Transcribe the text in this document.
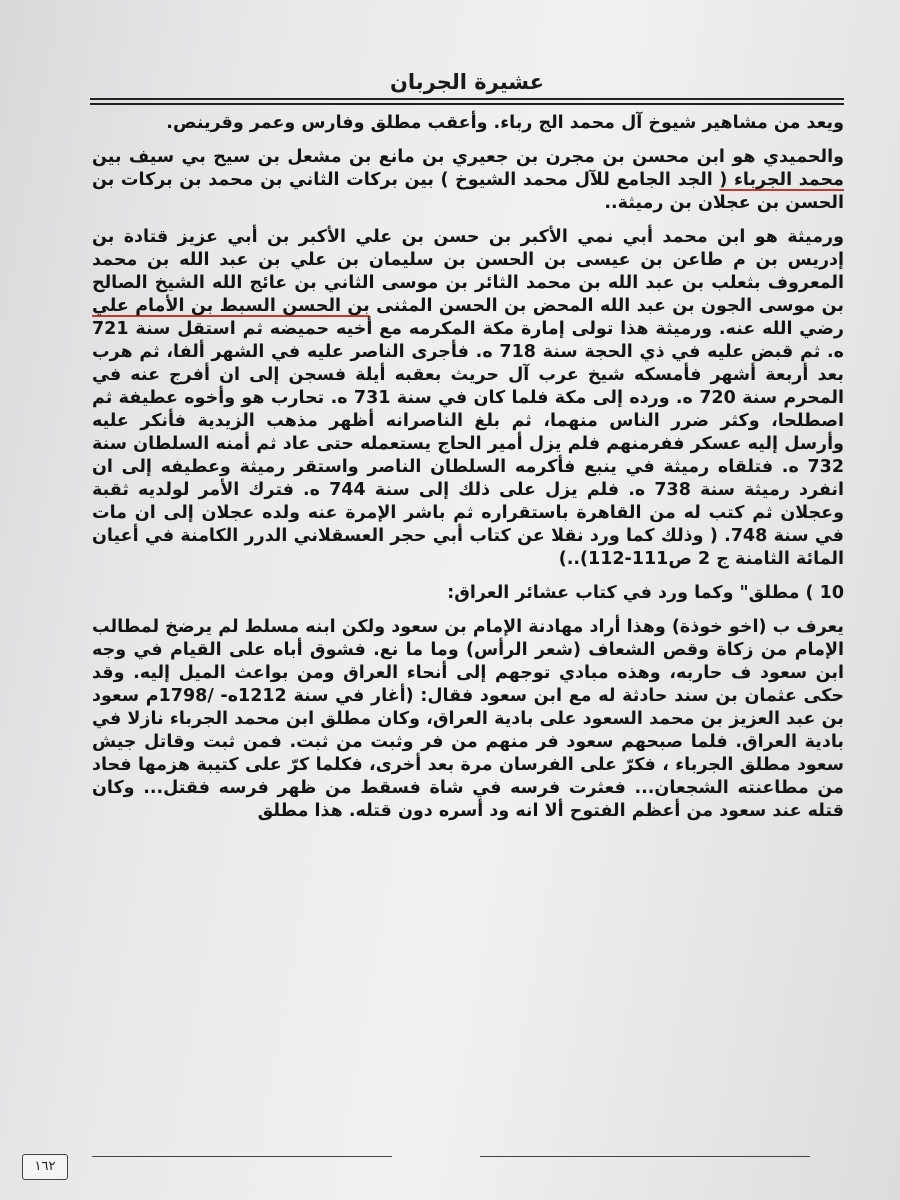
عشيرة الجربان

ويعد من مشاهير شيوخ آل محمد الج رباء. وأعقب مطلق وفارس وعمر وقرينص.

والحميدي هو ابن محسن بن مجرن بن جعيري بن مانع بن مشعل بن سيح بي سيف بين محمد الجرباء ( الجد الجامع للآل محمد الشيوخ ) بين بركات الثاني بن محمد بن بركات بن الحسن بن عجلان بن رميثة..

ورميثة هو ابن محمد أبي نمي الأكبر بن حسن بن علي الأكبر بن أبي عزيز قتادة بن إدريس بن م طاعن بن عيسى بن الحسن بن سليمان بن علي بن عبد الله بن محمد المعروف بثعلب بن عبد الله بن محمد الثائر بن موسى الثاني بن عائج الله الشيخ الصالح بن موسى الجون بن عبد الله المحض بن الحسن المثنى بن الحسن السبط بن الأمام علي رضي الله عنه. ورميثة هذا تولى إمارة مكة المكرمه مع أخيه حميضه ثم استقل سنة 721 ه. ثم قبض عليه في ذي الحجة سنة 718 ه. فأجرى الناصر عليه في الشهر ألفا، ثم هرب بعد أربعة أشهر فأمسكه شيخ عرب آل حريث بعقبه أيلة فسجن إلى ان أفرج عنه في المحرم سنة 720 ه. ورده إلى مكة فلما كان في سنة 731 ه. تحارب هو وأخوه عطيفة ثم اصطلحا، وكثر ضرر الناس منهما، ثم بلغ الناصرانه أظهر مذهب الزيدية فأنكر عليه وأرسل إليه عسكر ففرمنهم فلم يزل أمير الحاج يستعمله حتى عاد ثم أمنه السلطان سنة 732 ه. فتلقاه رميثة في ينبع فأكرمه السلطان الناصر واستقر رميثة وعطيفه إلى ان انفرد رميثة سنة 738 ه. فلم يزل على ذلك إلى سنة 744 ه. فترك الأمر لولديه ثقبة وعجلان ثم كتب له من القاهرة باستقراره ثم باشر الإمرة عنه ولده عجلان إلى ان مات في سنة 748. ( وذلك كما ورد نقلا عن كتاب أبي حجر العسقلاني الدرر الكامنة في أعيان المائة الثامنة ج 2 ص111-112)..)

10 ) مطلق" وكما ورد في كتاب عشائر العراق:

يعرف ب (اخو خوذة) وهذا أراد مهادنة الإمام بن سعود ولكن ابنه مسلط لم يرضخ لمطالب الإمام من زكاة وقص الشعاف (شعر الرأس) وما ما نع. فشوق أباه على القيام في وجه ابن سعود ف حاربه، وهذه مبادي توجهم إلى أنحاء العراق ومن بواعث الميل إليه. وقد حكى عثمان بن سند حادثة له مع ابن سعود فقال: (أغار في سنة 1212ه- /1798م سعود بن عبد العزيز بن محمد السعود على بادية العراق، وكان مطلق ابن محمد الجرباء نازلا في بادية العراق. فلما صبحهم سعود فر منهم من فر وثبت من ثبت. فمن ثبت وقاتل جيش سعود مطلق الجرباء ، فكرّ على الفرسان مرة بعد أخرى، فكلما كرّ على كتيبة هزمها فحاد من مطاعنته الشجعان... فعثرت فرسه في شاة فسقط من ظهر فرسه فقتل... وكان قتله عند سعود من أعظم الفتوح ألا انه ود أسره دون قتله. هذا مطلق

١٦٢
